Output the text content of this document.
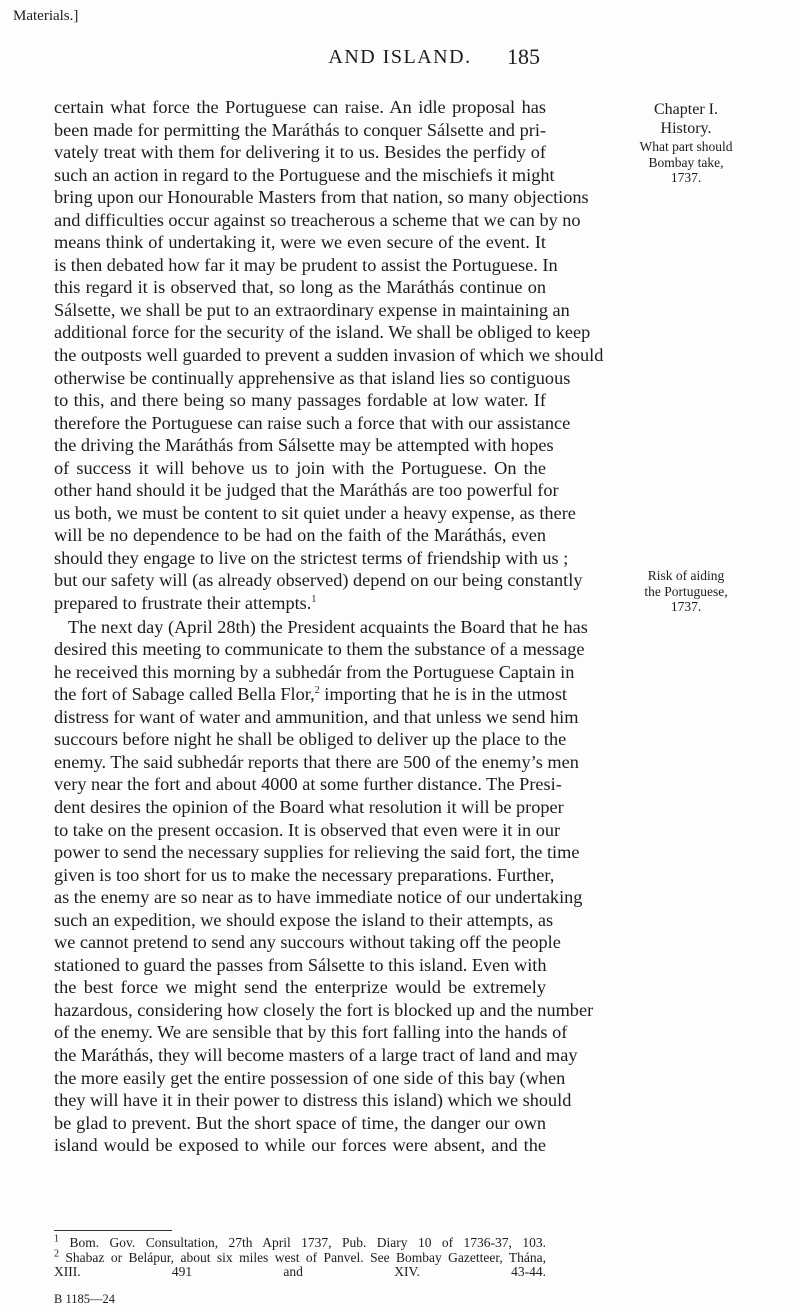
Materials.]
AND ISLAND.	185

certain what force the Portuguese can raise. An idle proposal has
been made for permitting the Maráthás to conquer Sálsette and pri-
vately treat with them for delivering it to us. Besides the perfidy of
such an action in regard to the Portuguese and the mischiefs it might
bring upon our Honourable Masters from that nation, so many objections
and difficulties occur against so treacherous a scheme that we can by no
means think of undertaking it, were we even secure of the event. It
is then debated how far it may be prudent to assist the Portuguese. In
this regard it is observed that, so long as the Maráthás continue on
Sálsette, we shall be put to an extraordinary expense in maintaining an
additional force for the security of the island. We shall be obliged to keep
the outposts well guarded to prevent a sudden invasion of which we should
otherwise be continually apprehensive as that island lies so contiguous
to this, and there being so many passages fordable at low water. If
therefore the Portuguese can raise such a force that with our assistance
the driving the Maráthás from Sálsette may be attempted with hopes
of success it will behove us to join with the Portuguese. On the
other hand should it be judged that the Maráthás are too powerful for
us both, we must be content to sit quiet under a heavy expense, as there
will be no dependence to be had on the faith of the Maráthás, even
should they engage to live on the strictest terms of friendship with us ;
but our safety will (as already observed) depend on our being constantly
prepared to frustrate their attempts.$^1$

The next day (April 28th) the President acquaints the Board that he has
desired this meeting to communicate to them the substance of a message
he received this morning by a subhedár from the Portuguese Captain in
the fort of Sabage called Bella Flor,$^2$ importing that he is in the utmost
distress for want of water and ammunition, and that unless we send him
succours before night he shall be obliged to deliver up the place to the
enemy. The said subhedár reports that there are 500 of the enemy’s men
very near the fort and about 4000 at some further distance. The Presi-
dent desires the opinion of the Board what resolution it will be proper
to take on the present occasion. It is observed that even were it in our
power to send the necessary supplies for relieving the said fort, the time
given is too short for us to make the necessary preparations. Further,
as the enemy are so near as to have immediate notice of our undertaking
such an expedition, we should expose the island to their attempts, as
we cannot pretend to send any succours without taking off the people
stationed to guard the passes from Sálsette to this island. Even with
the best force we might send the enterprize would be extremely
hazardous, considering how closely the fort is blocked up and the number
of the enemy. We are sensible that by this fort falling into the hands of
the Maráthás, they will become masters of a large tract of land and may
the more easily get the entire possession of one side of this bay (when
they will have it in their power to distress this island) which we should
be glad to prevent. But the short space of time, the danger our own
island would be exposed to while our forces were absent, and the

Chapter I.
History.
What part should
Bombay take,
1737.
Risk of aiding
the Portuguese,
1737.
$^1$ Bom. Gov. Consultation, 27th April 1737, Pub. Diary 10 of 1736-37, 103.
$^2$ Shabaz or Belápur, about six miles west of Panvel. See Bombay Gazetteer, Thána,
XIII. 491 and XIV. 43-44.
B 1185—24
